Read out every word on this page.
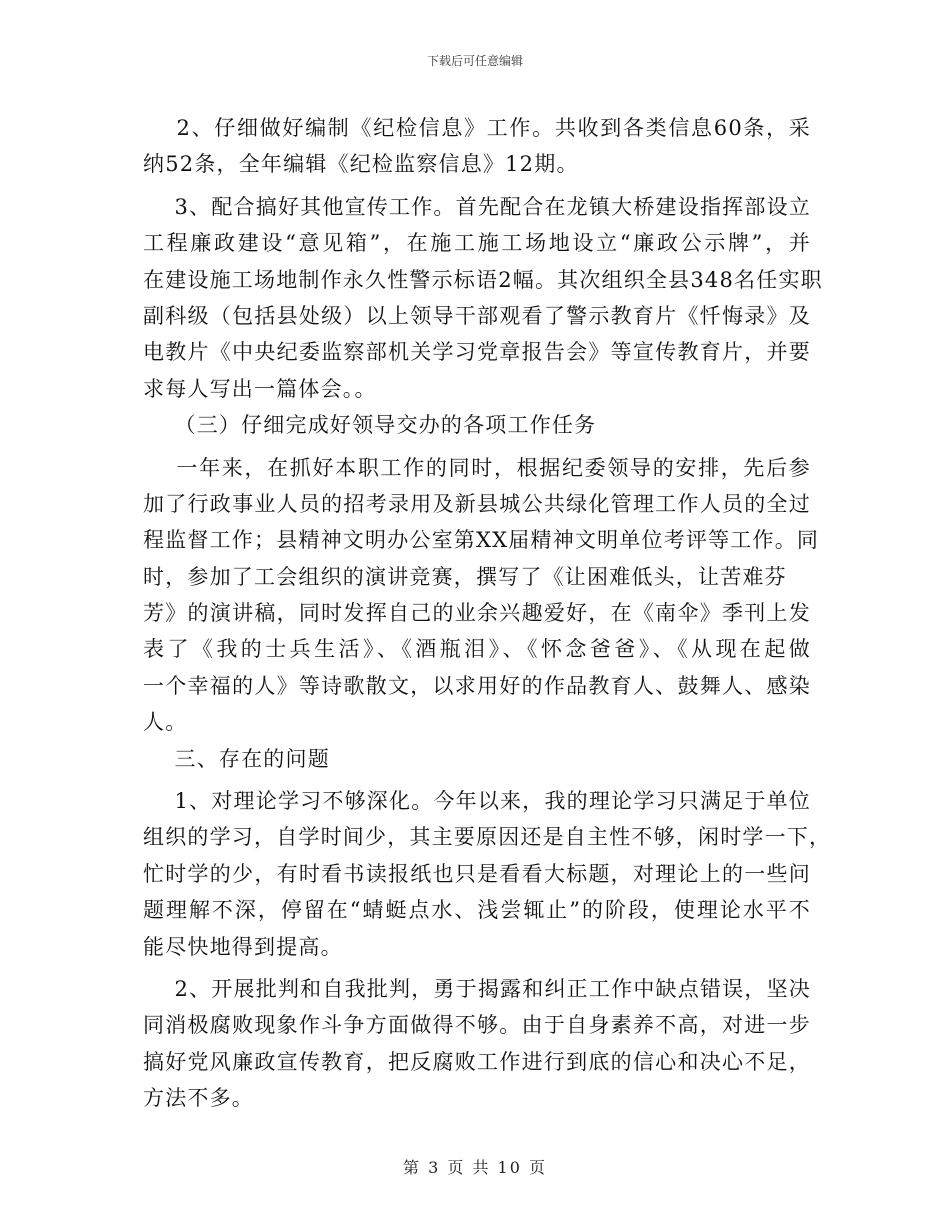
下载后可任意编辑
2、仔细做好编制《纪检信息》工作。共收到各类信息60条，采
纳52条，全年编辑《纪检监察信息》12期。
3、配合搞好其他宣传工作。首先配合在龙镇大桥建设指挥部设立
工程廉政建设“意见箱”，在施工施工场地设立“廉政公示牌”，并
在建设施工场地制作永久性警示标语2幅。其次组织全县348名任实职
副科级（包括县处级）以上领导干部观看了警示教育片《忏悔录》及
电教片《中央纪委监察部机关学习党章报告会》等宣传教育片，并要
求每人写出一篇体会。。
（三）仔细完成好领导交办的各项工作任务
一年来，在抓好本职工作的同时，根据纪委领导的安排，先后参
加了行政事业人员的招考录用及新县城公共绿化管理工作人员的全过
程监督工作；县精神文明办公室第XX届精神文明单位考评等工作。同
时，参加了工会组织的演讲竞赛，撰写了《让困难低头，让苦难芬
芳》的演讲稿，同时发挥自己的业余兴趣爱好，在《南伞》季刊上发
表了《我的士兵生活》、《酒瓶泪》、《怀念爸爸》、《从现在起做
一个幸福的人》等诗歌散文，以求用好的作品教育人、鼓舞人、感染
人。
三、存在的问题
1、对理论学习不够深化。今年以来，我的理论学习只满足于单位
组织的学习，自学时间少，其主要原因还是自主性不够，闲时学一下，
忙时学的少，有时看书读报纸也只是看看大标题，对理论上的一些问
题理解不深，停留在“蜻蜓点水、浅尝辄止”的阶段，使理论水平不
能尽快地得到提高。
2、开展批判和自我批判，勇于揭露和纠正工作中缺点错误，坚决
同消极腐败现象作斗争方面做得不够。由于自身素养不高，对进一步
搞好党风廉政宣传教育，把反腐败工作进行到底的信心和决心不足，
方法不多。
第 3 页 共 10 页
